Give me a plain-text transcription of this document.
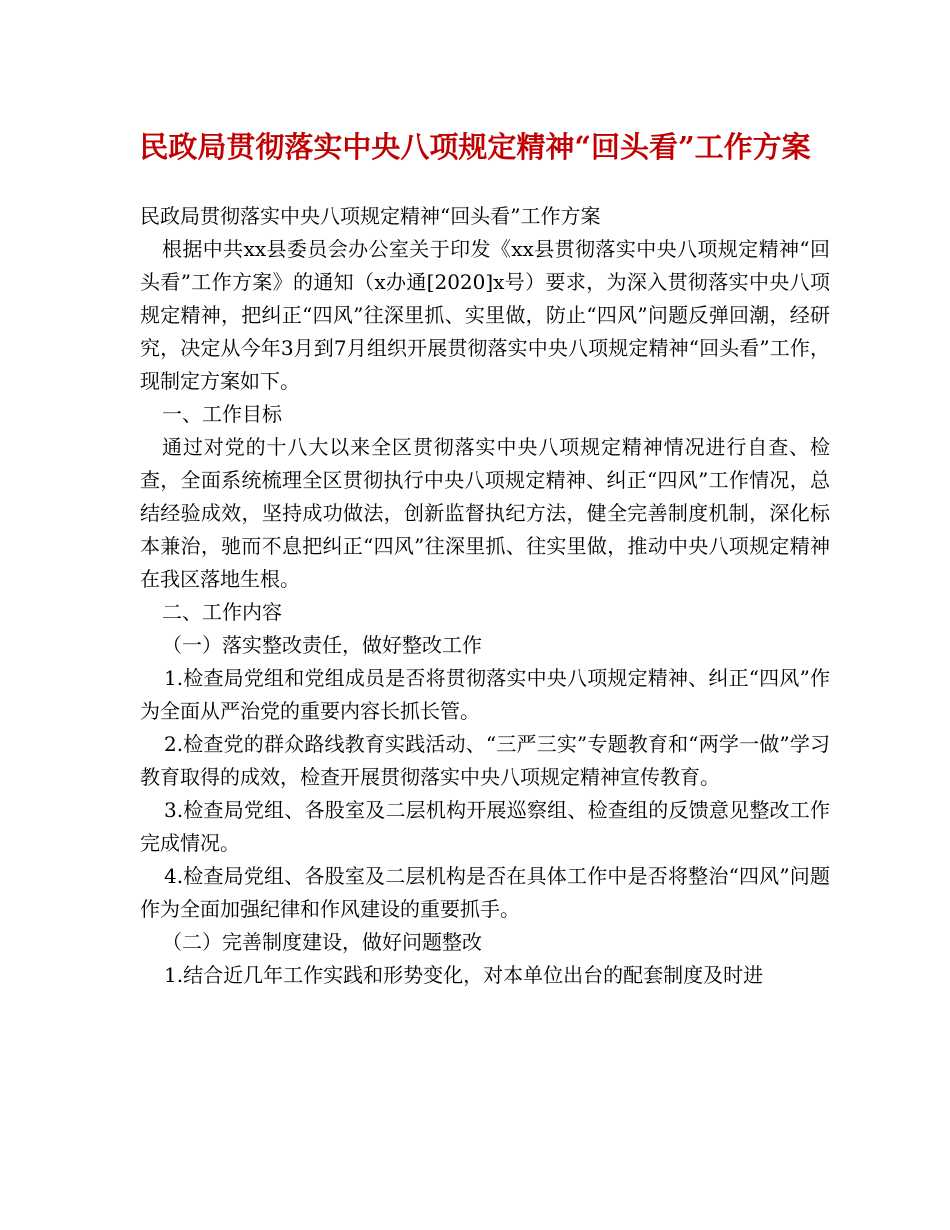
民政局贯彻落实中央八项规定精神“回头看”工作方案

民政局贯彻落实中央八项规定精神“回头看”工作方案

根据中共xx县委员会办公室关于印发《xx县贯彻落实中央八项规定精神“回头看”工作方案》的通知（x办通[2020]x号）要求，为深入贯彻落实中央八项规定精神，把纠正“四风”往深里抓、实里做，防止“四风”问题反弹回潮，经研究，决定从今年3月到7月组织开展贯彻落实中央八项规定精神“回头看”工作，现制定方案如下。

一、工作目标

通过对党的十八大以来全区贯彻落实中央八项规定精神情况进行自查、检查，全面系统梳理全区贯彻执行中央八项规定精神、纠正“四风”工作情况，总结经验成效，坚持成功做法，创新监督执纪方法，健全完善制度机制，深化标本兼治，驰而不息把纠正“四风”往深里抓、往实里做，推动中央八项规定精神在我区落地生根。

二、工作内容

（一）落实整改责任，做好整改工作

1.检查局党组和党组成员是否将贯彻落实中央八项规定精神、纠正“四风”作为全面从严治党的重要内容长抓长管。

2.检查党的群众路线教育实践活动、“三严三实”专题教育和“两学一做”学习教育取得的成效，检查开展贯彻落实中央八项规定精神宣传教育。

3.检查局党组、各股室及二层机构开展巡察组、检查组的反馈意见整改工作完成情况。

4.检查局党组、各股室及二层机构是否在具体工作中是否将整治“四风”问题作为全面加强纪律和作风建设的重要抓手。

（二）完善制度建设，做好问题整改

1.结合近几年工作实践和形势变化，对本单位出台的配套制度及时进
